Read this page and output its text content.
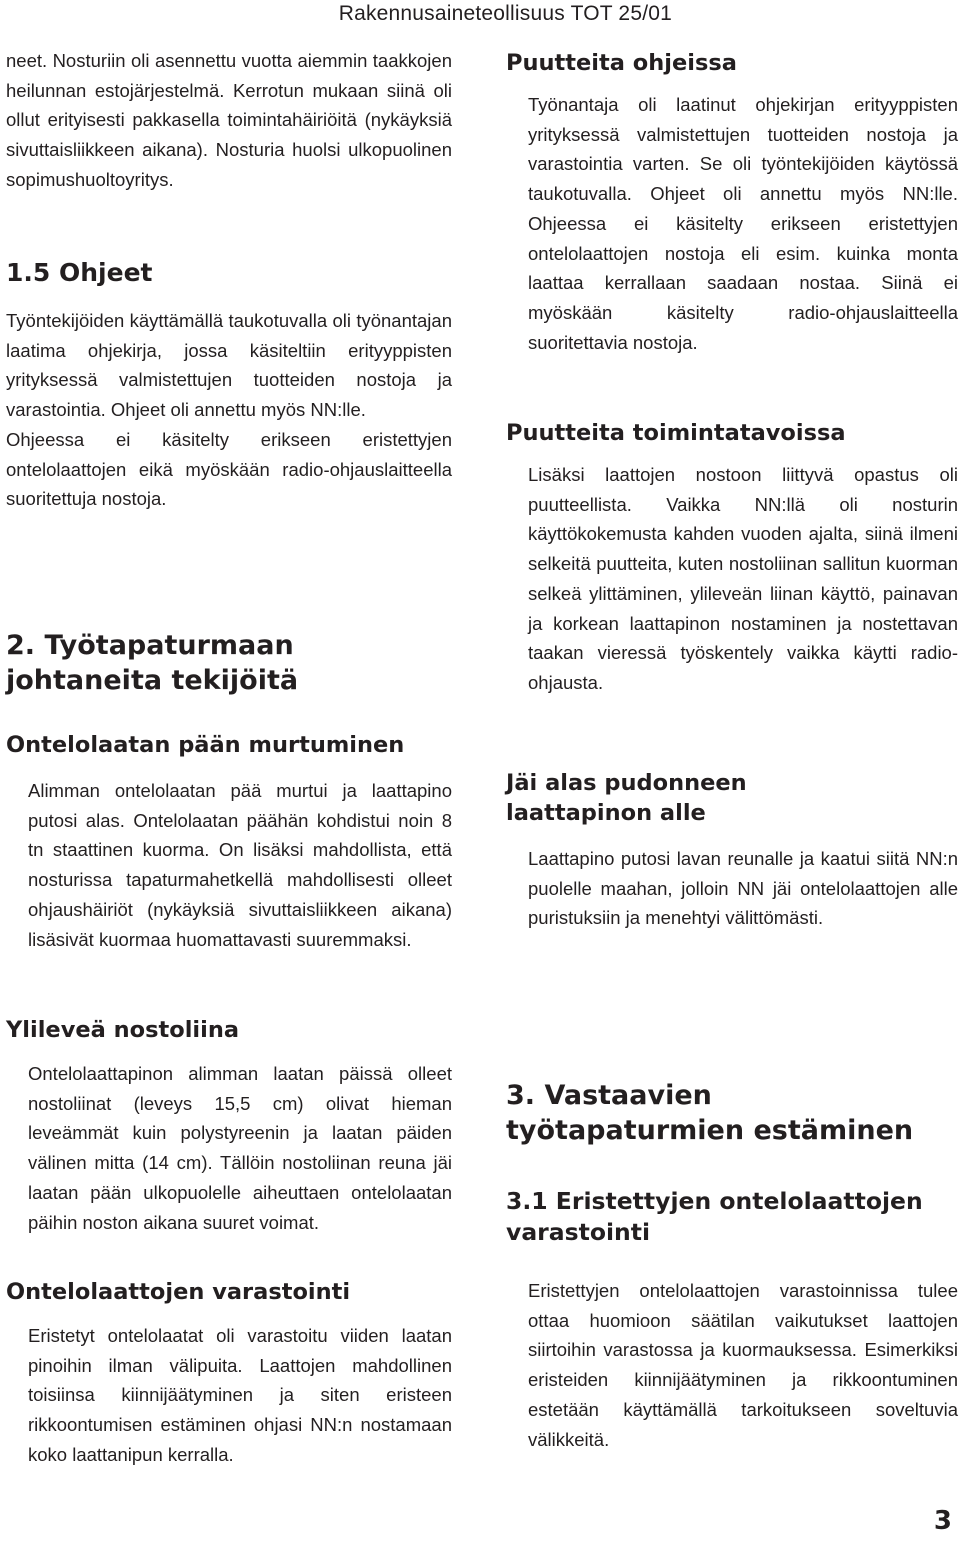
Rakennusaineteollisuus TOT 25/01

neet. Nosturiin oli asennettu vuotta aiemmin taakkojen heilunnan estojärjestelmä. Kerrotun mukaan siinä oli ollut erityisesti pakkasella toimintahäiriöitä (nykäyksiä sivuttaisliikkeen aikana). Nosturia huolsi ulkopuolinen sopimushuoltoyritys.

1.5 Ohjeet

Työntekijöiden käyttämällä taukotuvalla oli työnantajan laatima ohjekirja, jossa käsiteltiin erityyppisten yrityksessä valmistettujen tuotteiden nostoja ja varastointia. Ohjeet oli annettu myös NN:lle.

Ohjeessa ei käsitelty erikseen eristettyjen ontelolaattojen eikä myöskään radio-ohjauslaitteella suoritettuja nostoja.

2. Työtapaturmaan
johtaneita tekijöitä
Ontelolaatan pään murtuminen

Alimman ontelolaatan pää murtui ja laattapino putosi alas. Ontelolaatan päähän kohdistui noin 8 tn staattinen kuorma. On lisäksi mahdollista, että nosturissa tapaturmahetkellä mahdollisesti olleet ohjaushäiriöt (nykäyksiä sivuttaisliikkeen aikana) lisäsivät kuormaa huomattavasti suuremmaksi.

Ylileveä nostoliina

Ontelolaattapinon alimman laatan päissä olleet nostoliinat (leveys 15,5 cm) olivat hieman leveämmät kuin polystyreenin ja laatan päiden välinen mitta (14 cm). Tällöin nostoliinan reuna jäi laatan pään ulkopuolelle aiheuttaen ontelolaatan päihin noston aikana suuret voimat.

Ontelolaattojen varastointi

Eristetyt ontelolaatat oli varastoitu viiden laatan pinoihin ilman välipuita. Laattojen mahdollinen toisiinsa kiinnijäätyminen ja siten eristeen rikkoontumisen estäminen ohjasi NN:n nostamaan koko laattanipun kerralla.

Puutteita ohjeissa

Työnantaja oli laatinut ohjekirjan erityyppisten yrityksessä valmistettujen tuotteiden nostoja ja varastointia varten. Se oli työntekijöiden käytössä taukotuvalla. Ohjeet oli annettu myös NN:lle. Ohjeessa ei käsitelty erikseen eristettyjen ontelolaattojen nostoja eli esim. kuinka monta laattaa kerrallaan saadaan nostaa. Siinä ei myöskään käsitelty radio-ohjauslaitteella suoritettavia nostoja.

Puutteita toimintatavoissa

Lisäksi laattojen nostoon liittyvä opastus oli puutteellista. Vaikka NN:llä oli nosturin käyttökokemusta kahden vuoden ajalta, siinä ilmeni selkeitä puutteita, kuten nostoliinan sallitun kuorman selkeä ylittäminen, ylileveän liinan käyttö, painavan ja korkean laattapinon nostaminen ja nostettavan taakan vieressä työskentely vaikka käytti radio-ohjausta.

Jäi alas pudonneen
laattapinon alle

Laattapino putosi lavan reunalle ja kaatui siitä NN:n puolelle maahan, jolloin NN jäi ontelolaattojen alle puristuksiin ja menehtyi välittömästi.

3. Vastaavien
työtapaturmien estäminen
3.1 Eristettyjen ontelolaattojen
varastointi

Eristettyjen ontelolaattojen varastoinnissa tulee ottaa huomioon säätilan vaikutukset laattojen siirtoihin varastossa ja kuormauksessa. Esimerkiksi eristeiden kiinnijäätyminen ja rikkoontuminen estetään käyttämällä tarkoitukseen soveltuvia välikkeitä.

3
